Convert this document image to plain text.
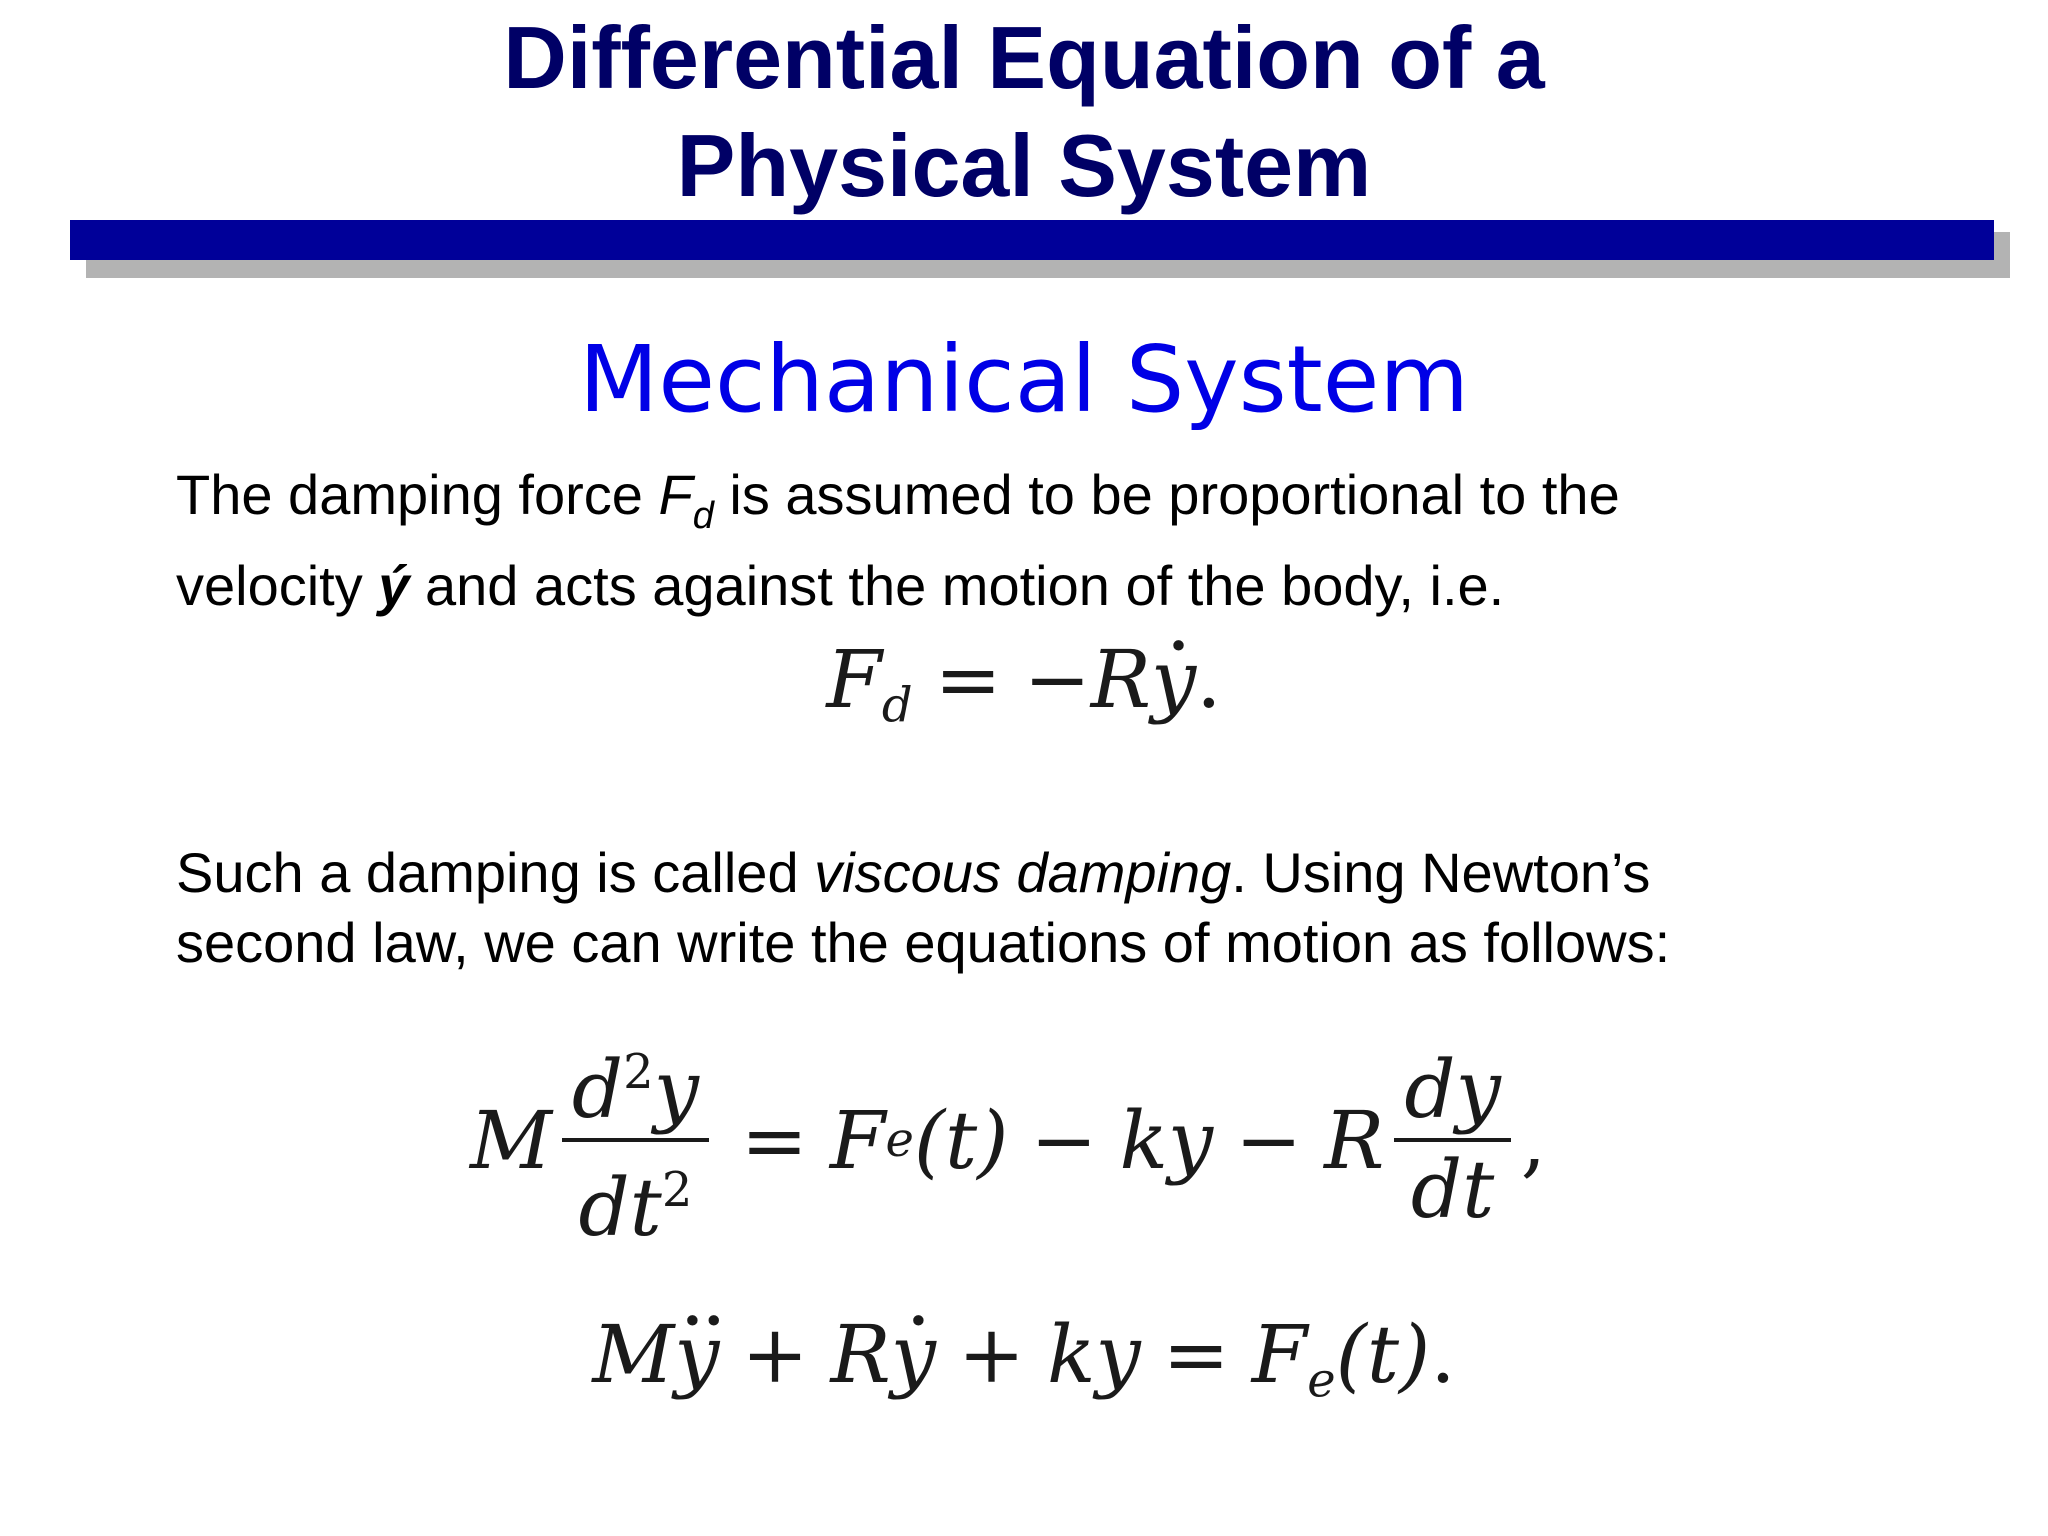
Differential Equation of a
Physical System
Mechanical System
The damping force $F_d$ is assumed to be proportional to the
velocity ý and acts against the motion of the body, i.e.
Fd = −Ry ·.
Such a damping is called viscous damping. Using Newton’s
second law, we can write the equations of motion as follows:
M $\frac{d^2y}{dt^2} = F$ e (t) − ky − R $\frac{dy}{dt}$ ,
My ·· + Ry · + ky = Fe(t).
